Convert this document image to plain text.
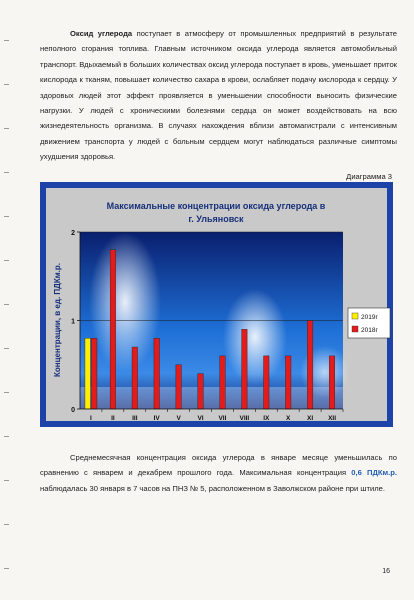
Оксид углерода поступает в атмосферу от промышленных предприятий в результате неполного сгорания топлива. Главным источником оксида углерода является автомобильный транспорт. Вдыхаемый в больших количествах оксид углерода поступает в кровь, уменьшает приток кислорода к тканям, повышает количество сахара в крови, ослабляет подачу кислорода к сердцу. У здоровых людей этот эффект проявляется в уменьшении способности выносить физические нагрузки. У людей с хроническими болезнями сердца он может воздействовать на всю жизнедеятельность организма. В случаях нахождения вблизи автомагистрали с интенсивным движением транспорта у людей с больным сердцем могут наблюдаться различные симптомы ухудшения здоровья.

Диаграмма 3
Максимальные концентрации оксида углерода в
г. Ульяновск
0
1
2
I	II	III IV	V	VI VII VIII IX	X	XI XII
Концентрации, в ед. ПДКм.р.	2019г
2018г

Среднемесячная концентрация оксида углерода в январе месяце уменьшилась по сравнению с январем и декабрем прошлого года. Максимальная концентрация 0,6 ПДКм.р. наблюдалась 30 января в 7 часов на ПНЗ № 5, расположенном в Заволжском районе при штиле.

16
